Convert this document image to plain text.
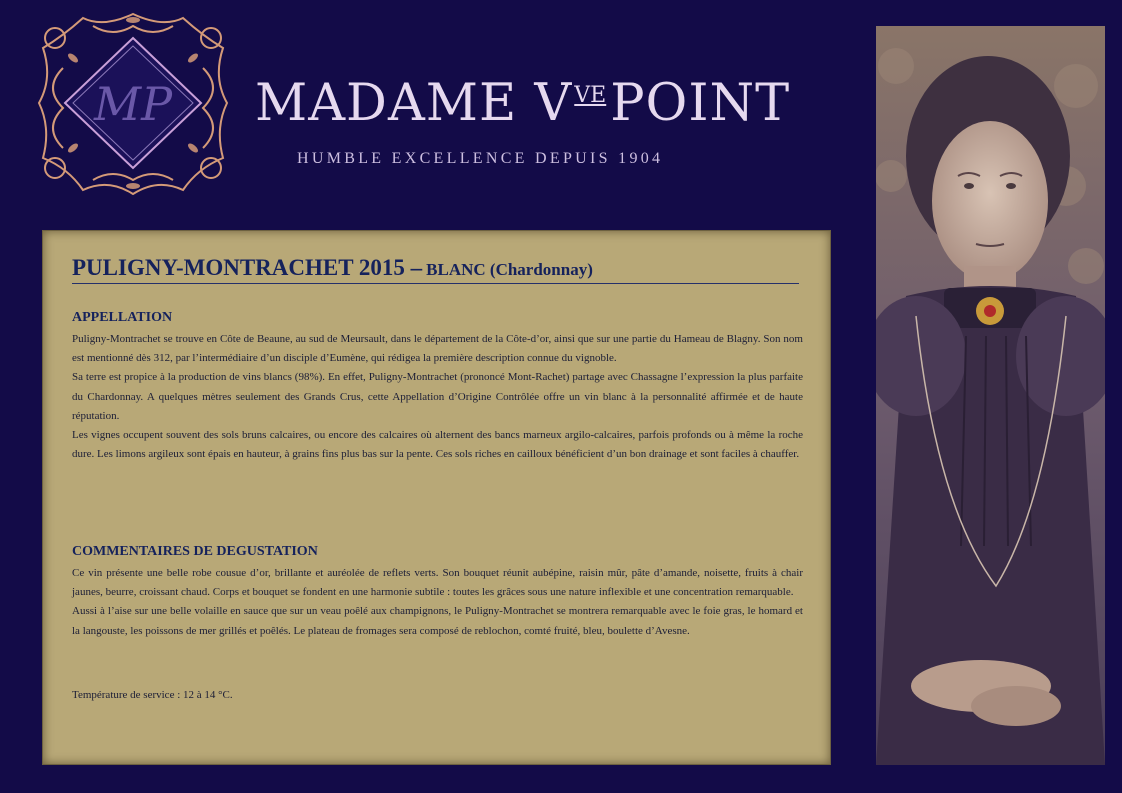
MP MADAME VVEPOINT
HUMBLE EXCELLENCE DEPUIS 1904
PULIGNY-MONTRACHET 2015 – BLANC (Chardonnay)
APPELLATION

Puligny-Montrachet se trouve en Côte de Beaune, au sud de Meursault, dans le département de la Côte-d’or, ainsi que sur une partie du Hameau de Blagny. Son nom est mentionné dès 312, par l’intermédiaire d’un disciple d’Eumène, qui rédigea la première description connue du vignoble.

Sa terre est propice à la production de vins blancs (98%). En effet, Puligny-Montrachet (prononcé Mont-Rachet) partage avec Chassagne l’expression la plus parfaite du Chardonnay. A quelques mètres seulement des Grands Crus, cette Appellation d’Origine Contrôlée offre un vin blanc à la personnalité affirmée et de haute réputation.

Les vignes occupent souvent des sols bruns calcaires, ou encore des calcaires où alternent des bancs marneux argilo-calcaires, parfois profonds ou à même la roche dure. Les limons argileux sont épais en hauteur, à grains fins plus bas sur la pente. Ces sols riches en cailloux bénéficient d’un bon drainage et sont faciles à chauffer.

COMMENTAIRES DE DEGUSTATION

Ce vin présente une belle robe cousue d’or, brillante et auréolée de reflets verts. Son bouquet réunit aubépine, raisin mûr, pâte d’amande, noisette, fruits à chair jaunes, beurre, croissant chaud. Corps et bouquet se fondent en une harmonie subtile : toutes les grâces sous une nature inflexible et une concentration remarquable.

Aussi à l’aise sur une belle volaille en sauce que sur un veau poêlé aux champignons, le Puligny-Montrachet se montrera remarquable avec le foie gras, le homard et la langouste, les poissons de mer grillés et poêlés. Le plateau de fromages sera composé de reblochon, comté fruité, bleu, boulette d’Avesne.

Température de service : 12 à 14 °C.
